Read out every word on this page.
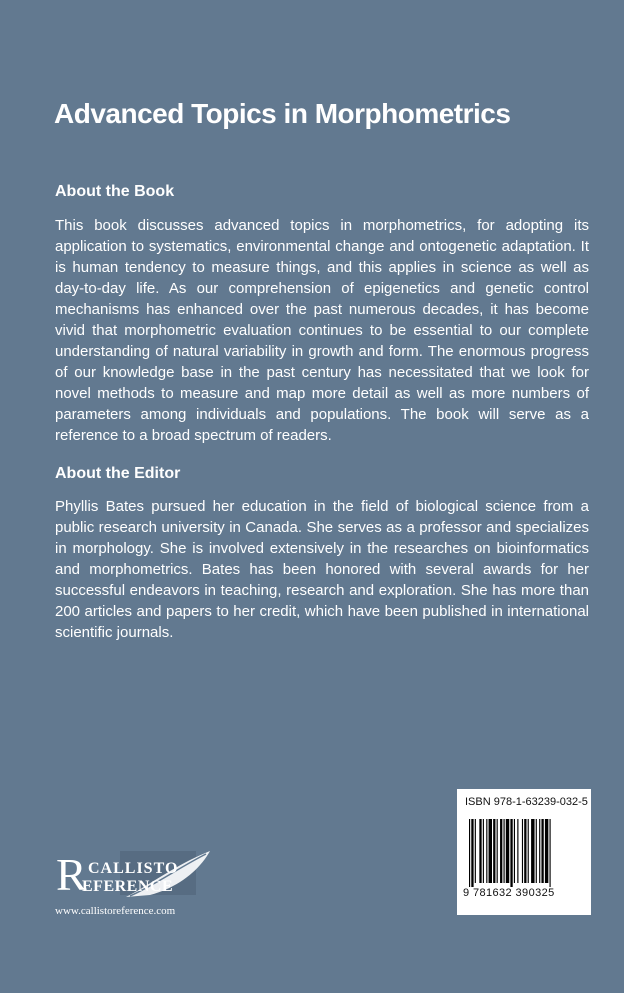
Advanced Topics in Morphometrics
About the Book

This book discusses advanced topics in morphometrics, for adopting its application to systematics, environmental change and ontogenetic adaptation. It is human tendency to measure things, and this applies in science as well as day-to-day life. As our comprehension of epigenetics and genetic control mechanisms has enhanced over the past numerous decades, it has become vivid that morphometric evaluation continues to be essential to our complete understanding of natural variability in growth and form. The enormous progress of our knowledge base in the past century has necessitated that we look for novel methods to measure and map more detail as well as more numbers of parameters among individuals and populations. The book will serve as a reference to a broad spectrum of readers.

About the Editor

Phyllis Bates pursued her education in the field of biological science from a public research university in Canada. She serves as a professor and specializes in morphology. She is involved extensively in the researches on bioinformatics and morphometrics. Bates has been honored with several awards for her successful endeavors in teaching, research and exploration. She has more than 200 articles and papers to her credit, which have been published in international scientific journals.

ISBN 978-1-63239-032-5
9 781632 390325
R CALLISTO
EFERENCE
www.callistoreference.com
